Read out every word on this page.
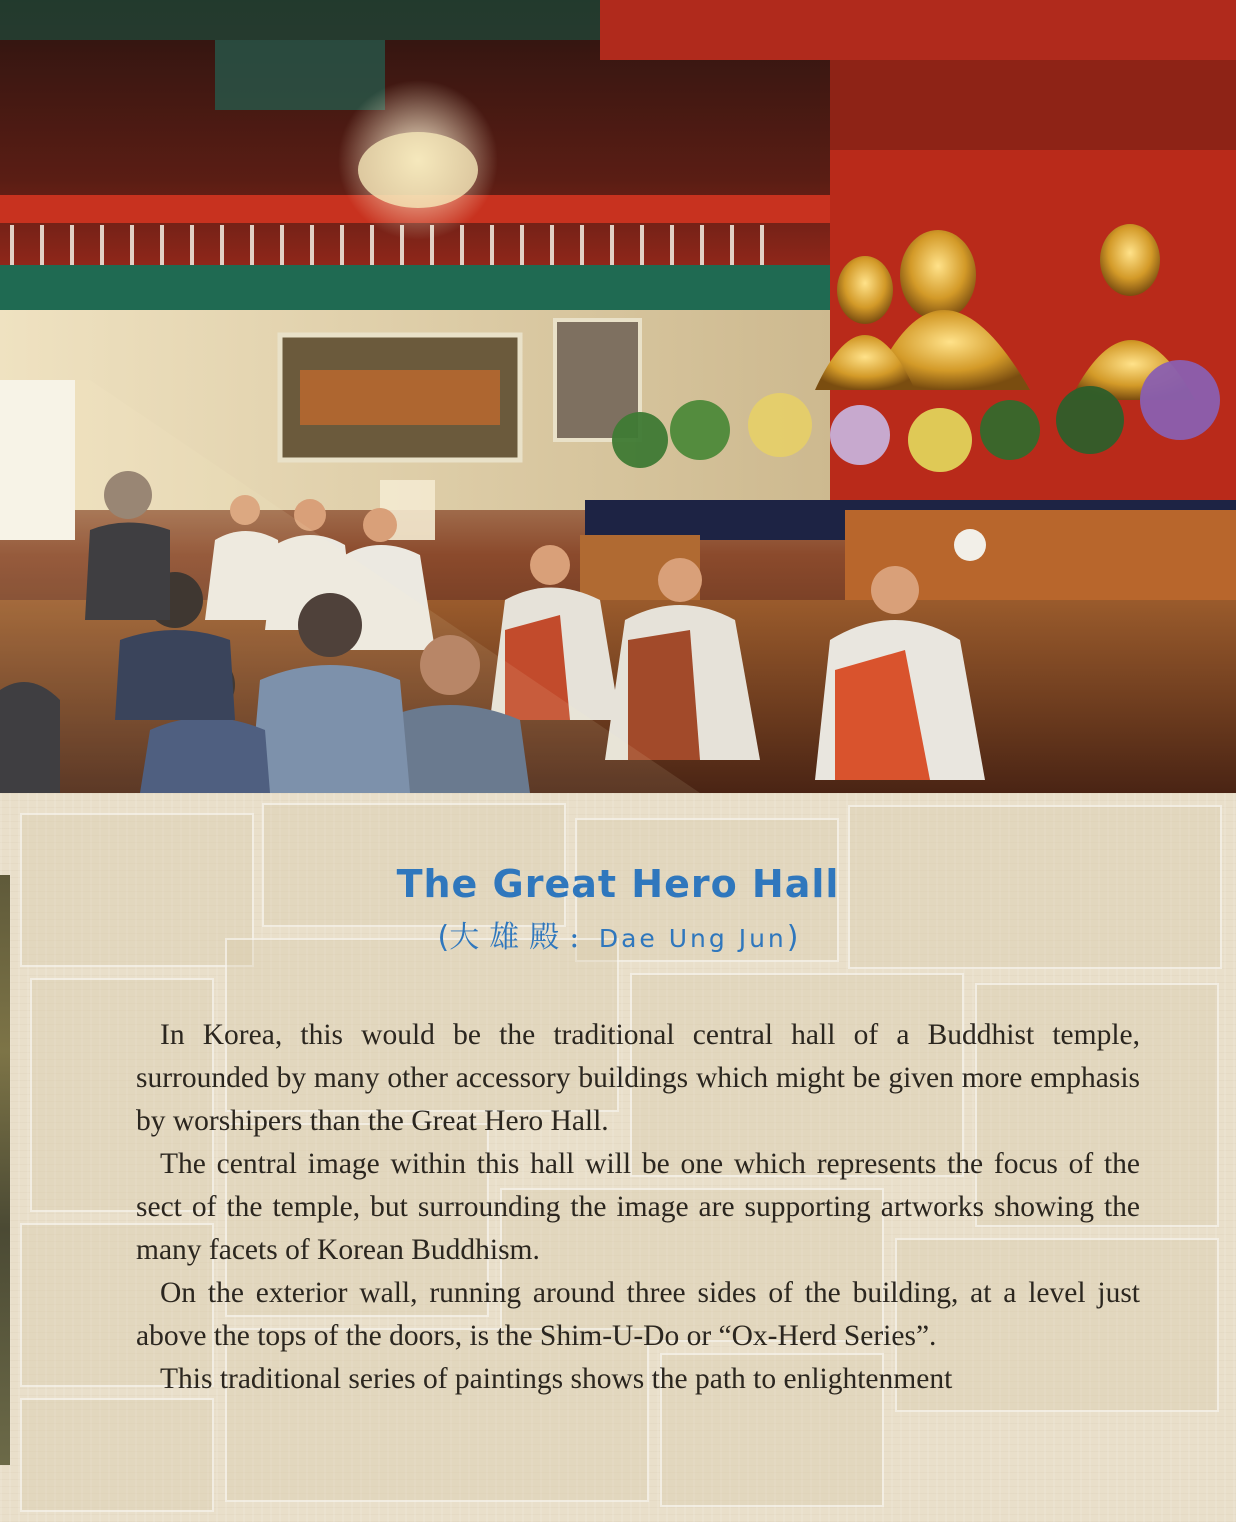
The Great Hero Hall
(大雄殿: Dae Ung Jun)

In Korea, this would be the traditional central hall of a Buddhist temple, surrounded by many other accessory buildings which might be given more emphasis by worshipers than the Great Hero Hall.

The central image within this hall will be one which represents the focus of the sect of the temple, but surrounding the image are supporting artworks showing the many facets of Korean Buddhism.

On the exterior wall, running around three sides of the building, at a level just above the tops of the doors, is the Shim-U-Do or “Ox-Herd Series”.

This traditional series of paintings shows the path to enlightenment
